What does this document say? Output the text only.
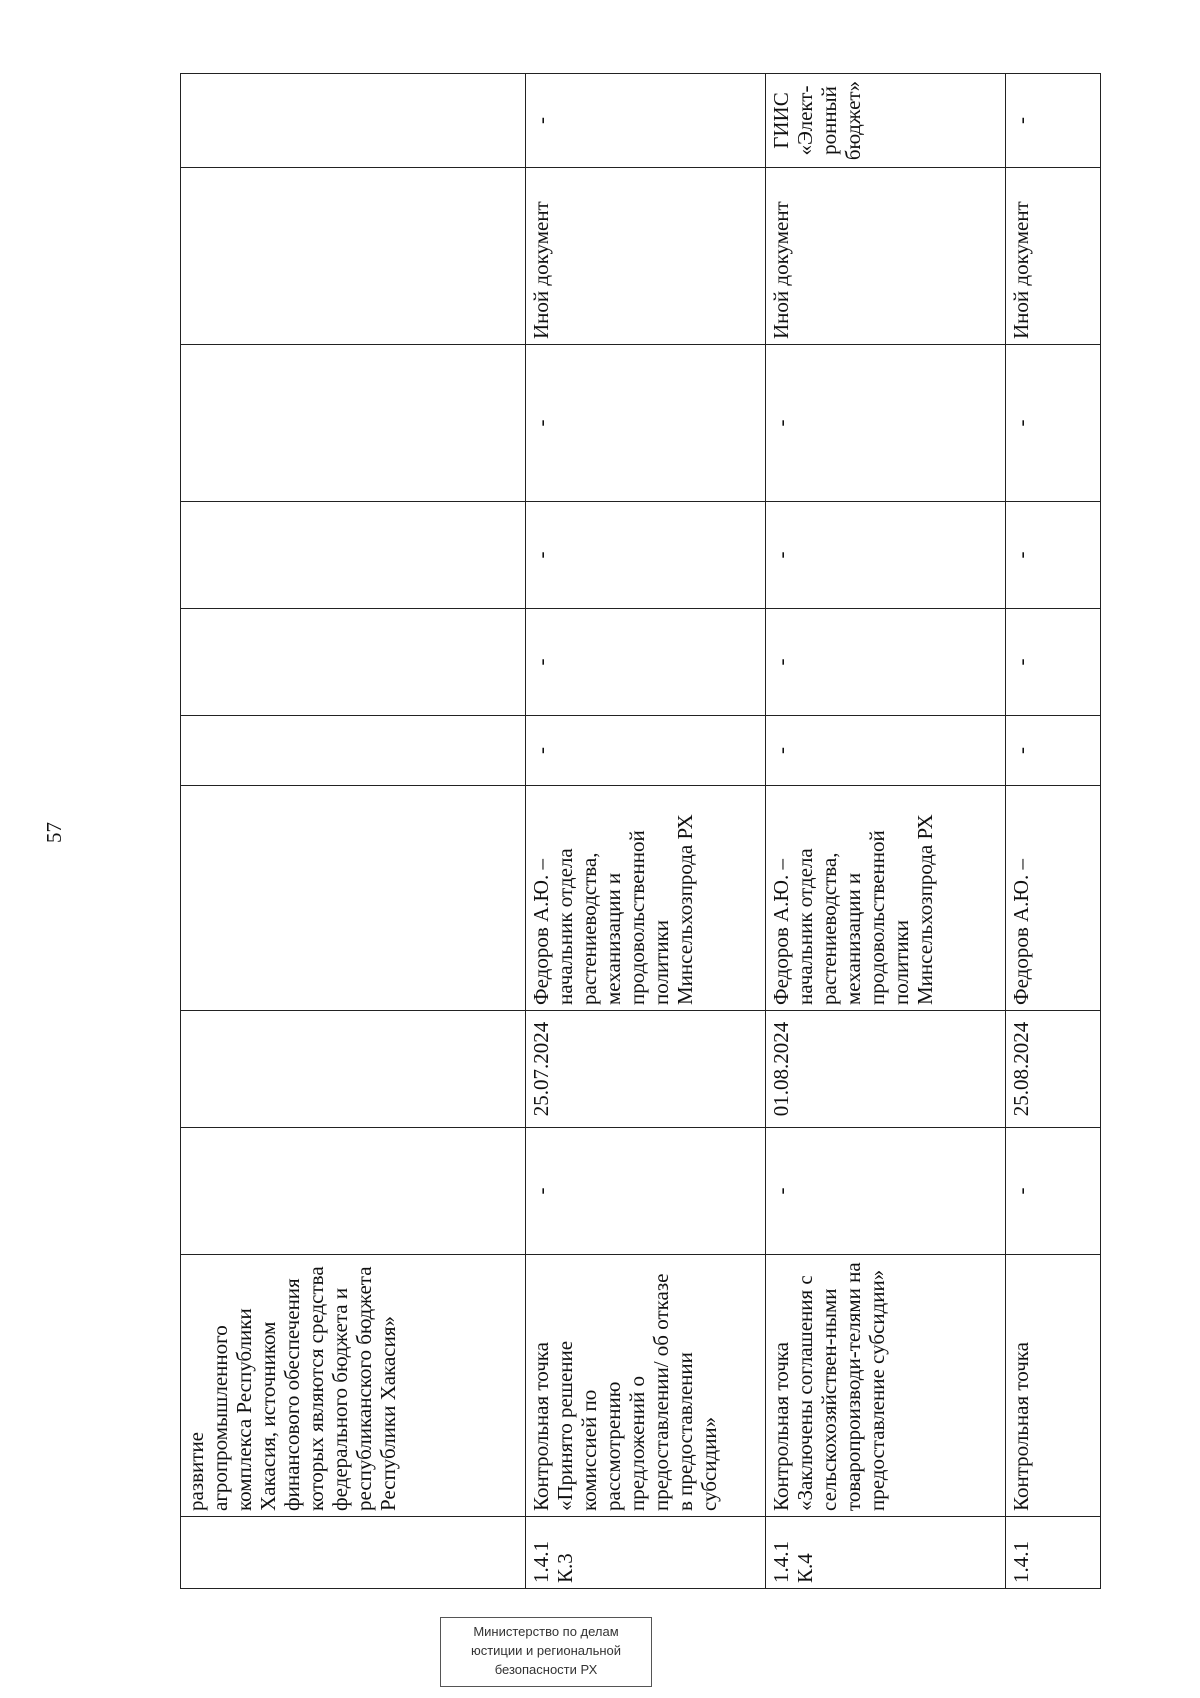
57
	развитие агропромышленного комплекса Республики Хакасия, источником финансового обеспечения которых являются средства федерального бюджета и республиканского бюджета Республики Хакасия»									
1.4.1 К.3	Контрольная точка «Принято решение комиссией по рассмотрению предложений о предоставлении/ об отказе в предоставлении субсидии»	-	25.07.2024	Федоров А.Ю. – начальник отдела растениеводства, механизации и продовольственной политики Минсельхозпрода РХ	-	-	-	-	Иной документ	-
1.4.1 К.4	Контрольная точка «Заключены соглашения с сельскохозяйствен-ными товаропроизводи-телями на предоставление субсидии»	-	01.08.2024	Федоров А.Ю. – начальник отдела растениеводства, механизации и продовольственной политики Минсельхозпрода РХ	-	-	-	-	Иной документ	ГИИС «Элект-ронный бюджет»
1.4.1	Контрольная точка	-	25.08.2024	Федоров А.Ю. –	-	-	-	-	Иной документ	-
Министерство по делам
юстиции и региональной
безопасности РХ
